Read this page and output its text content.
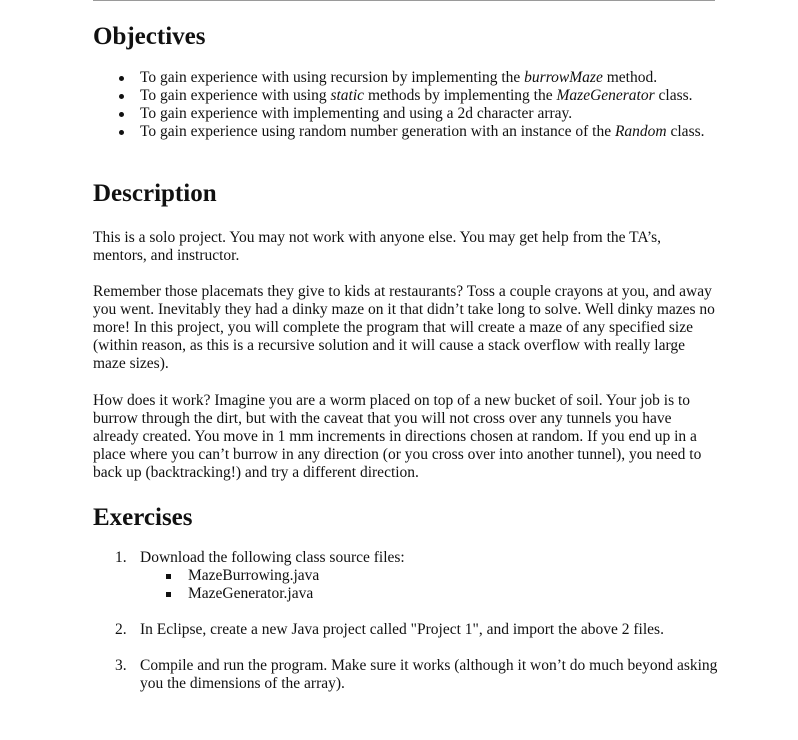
Objectives
To gain experience with using recursion by implementing the burrowMaze method.
To gain experience with using static methods by implementing the MazeGenerator class.
To gain experience with implementing and using a 2d character array.
To gain experience using random number generation with an instance of the Random class.
Description

This is a solo project. You may not work with anyone else. You may get help from the TA’s, mentors, and instructor.

Remember those placemats they give to kids at restaurants? Toss a couple crayons at you, and away you went. Inevitably they had a dinky maze on it that didn’t take long to solve. Well dinky mazes no more! In this project, you will complete the program that will create a maze of any specified size (within reason, as this is a recursive solution and it will cause a stack overflow with really large maze sizes).

How does it work? Imagine you are a worm placed on top of a new bucket of soil. Your job is to burrow through the dirt, but with the caveat that you will not cross over any tunnels you have already created. You move in 1 mm increments in directions chosen at random. If you end up in a place where you can’t burrow in any direction (or you cross over into another tunnel), you need to back up (backtracking!) and try a different direction.

Exercises
1. Download the following class source files:
MazeBurrowing.java
MazeGenerator.java
2. In Eclipse, create a new Java project called "Project 1", and import the above 2 files.
3. Compile and run the program. Make sure it works (although it won’t do much beyond asking you the dimensions of the array).
